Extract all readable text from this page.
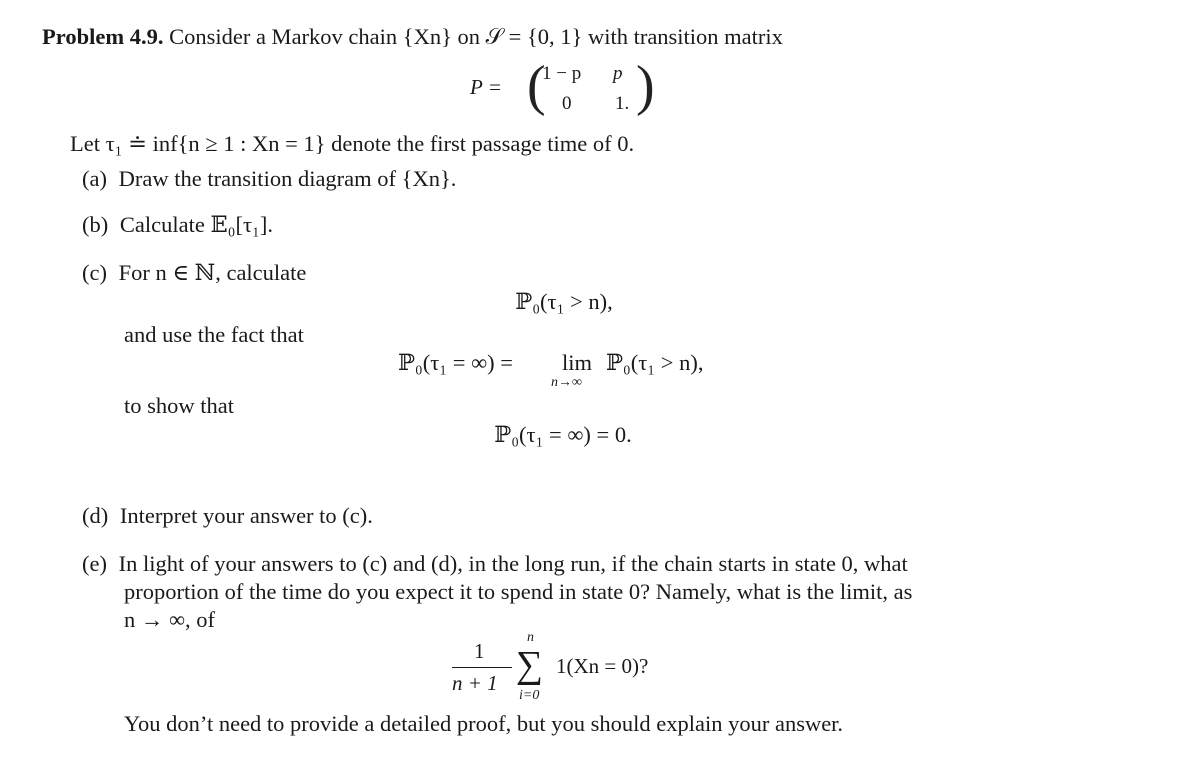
Problem 4.9. Consider a Markov chain {Xn} on 𝒮 = {0, 1} with transition matrix
P = (
1 − p p
0 1. )
Let τ₁ ≐ inf{n ≥ 1 : Xn = 1} denote the first passage time of 0.
(a) Draw the transition diagram of {Xn}.
(b) Calculate 𝔼₀[τ₁].
(c) For n ∈ ℕ, calculate
ℙ₀(τ₁ > n),
and use the fact that
ℙ₀(τ₁ = ∞) = lim
n→∞
ℙ₀(τ₁ > n),
to show that
ℙ₀(τ₁ = ∞) = 0.
(d) Interpret your answer to (c).
(e) In light of your answers to (c) and (d), in the long run, if the chain starts in state 0, what
proportion of the time do you expect it to spend in state 0? Namely, what is the limit, as
n → ∞, of
1
n + 1
n
∑
i=0
1(Xn = 0)?
You don’t need to provide a detailed proof, but you should explain your answer.
